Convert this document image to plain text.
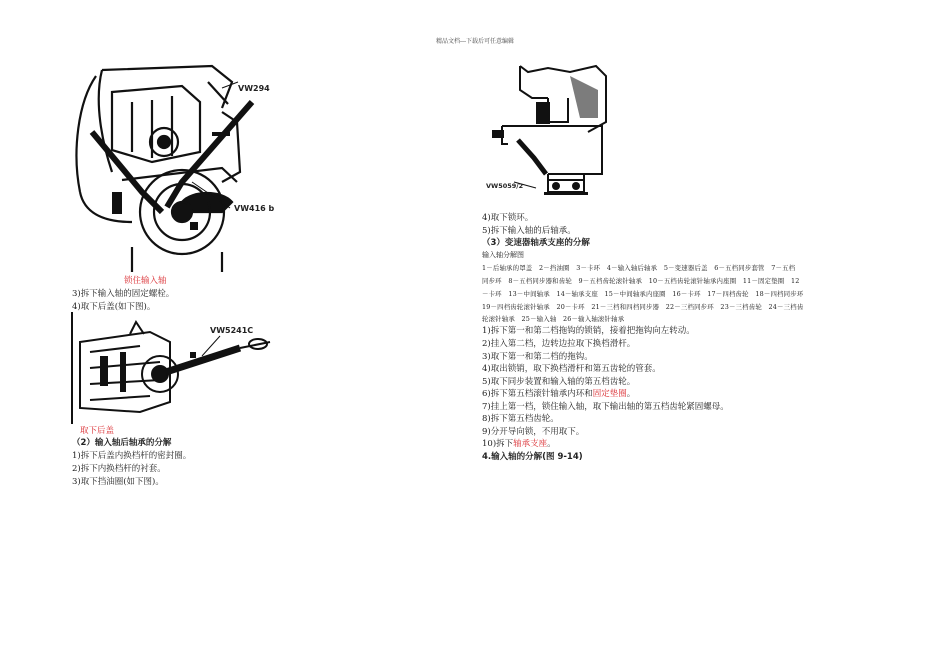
精品文档---下载后可任意编辑
VW294
VW416 b
锁住输入轴
3)拆下输入轴的固定螺栓。
4)取下后盖(如下图)。
VW5241C
取下后盖
（2）输入轴后轴承的分解
1)拆下后盖内换档杆的密封圈。
2)拆下内换档杆的衬套。
3)取下挡油圈(如下图)。
VW5059/2
4)取下锁环。
5)拆下输入轴的后轴承。
（3）变速器轴承支座的分解
输入轴分解图
1－后轴承的罩盖　2－挡油圈　3－卡环　4－输入轴后轴承　5－变速器后盖　6－五档同步套管　7－五档
同步环　8－五档同步器和齿轮　9－五档齿轮滚针轴承　10－五档齿轮滚针轴承内座圈　11－固定垫圈　12
－卡环　13－中间轴承　14－轴承支座　15－中间轴承内座圈　16－卡环　17－四档齿轮　18－四档同步环
19－四档齿轮滚针轴承　20－卡环　21－三档和四档同步器　22－三档同步环　23－三档齿轮　24－三档齿
轮滚针轴承　25－输入轴　26－输入轴滚针轴承
1)拆下第一和第二档拖钩的锁销，接着把拖钩向左转动。
2)挂入第二档，边转边拉取下换档滑杆。
3)取下第一和第二档的拖钩。
4)取出锁销，取下换档滑杆和第五齿轮的管套。
5)取下同步装置和输入轴的第五档齿轮。
6)拆下第五档滚针轴承内环和固定垫圈。
7)挂上第一档，锁住输入轴，取下输出轴的第五档齿轮紧固螺母。
8)拆下第五档齿轮。
9)分开导向锁，不用取下。
10)拆下轴承支座。
4.输入轴的分解(图 9-14)
